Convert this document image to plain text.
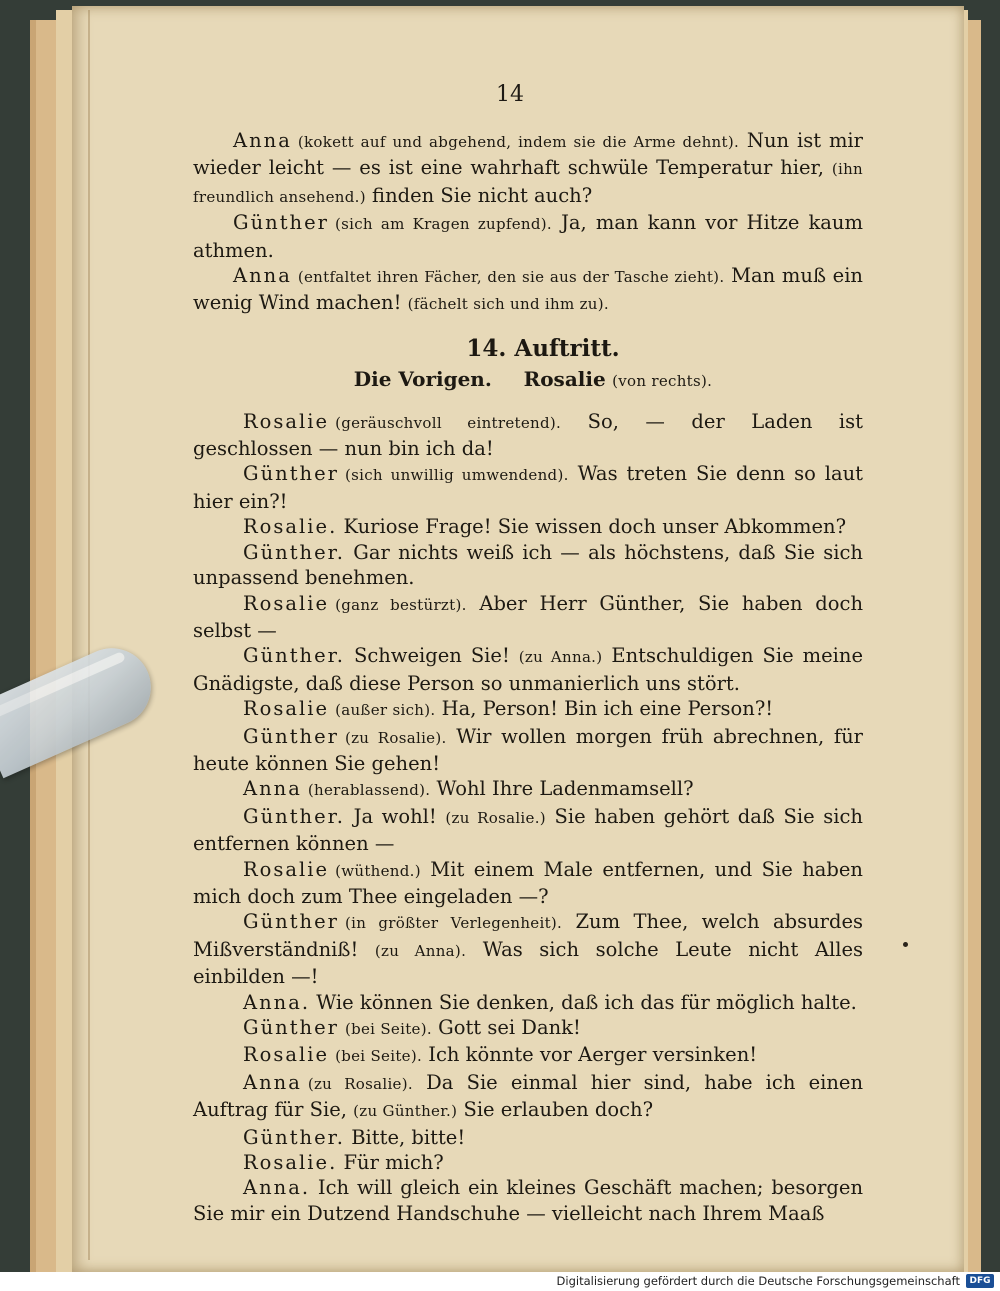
14

Anna (kokett auf und abgehend, indem sie die Arme dehnt). Nun ist mir wieder leicht — es ist eine wahrhaft schwüle Temperatur hier, (ihn freundlich ansehend.) finden Sie nicht auch?

Günther (sich am Kragen zupfend). Ja, man kann vor Hitze kaum athmen.

Anna (entfaltet ihren Fächer, den sie aus der Tasche zieht). Man muß ein wenig Wind machen! (fächelt sich und ihm zu).

14. Auftritt.
Die Vorigen. Rosalie (von rechts).

Rosalie (geräuschvoll eintretend). So, — der Laden ist geschlossen — nun bin ich da!

Günther (sich unwillig umwendend). Was treten Sie denn so laut hier ein?!

Rosalie. Kuriose Frage! Sie wissen doch unser Abkommen?

Günther. Gar nichts weiß ich — als höchstens, daß Sie sich unpassend benehmen.

Rosalie (ganz bestürzt). Aber Herr Günther, Sie haben doch selbst —

Günther. Schweigen Sie! (zu Anna.) Entschuldigen Sie meine Gnädigste, daß diese Person so unmanierlich uns stört.

Rosalie (außer sich). Ha, Person! Bin ich eine Person?!

Günther (zu Rosalie). Wir wollen morgen früh abrechnen, für heute können Sie gehen!

Anna (herablassend). Wohl Ihre Ladenmamsell?

Günther. Ja wohl! (zu Rosalie.) Sie haben gehört daß Sie sich entfernen können —

Rosalie (wüthend.) Mit einem Male entfernen, und Sie haben mich doch zum Thee eingeladen —?

Günther (in größter Verlegenheit). Zum Thee, welch absurdes Mißverständniß! (zu Anna). Was sich solche Leute nicht Alles einbilden —!

Anna. Wie können Sie denken, daß ich das für möglich halte.

Günther (bei Seite). Gott sei Dank!

Rosalie (bei Seite). Ich könnte vor Aerger versinken!

Anna (zu Rosalie). Da Sie einmal hier sind, habe ich einen Auftrag für Sie, (zu Günther.) Sie erlauben doch?

Günther. Bitte, bitte!

Rosalie. Für mich?

Anna. Ich will gleich ein kleines Geschäft machen; besorgen Sie mir ein Dutzend Handschuhe — vielleicht nach Ihrem Maaß

Digitalisierung gefördert durch die Deutsche Forschungsgemeinschaft	DFG
